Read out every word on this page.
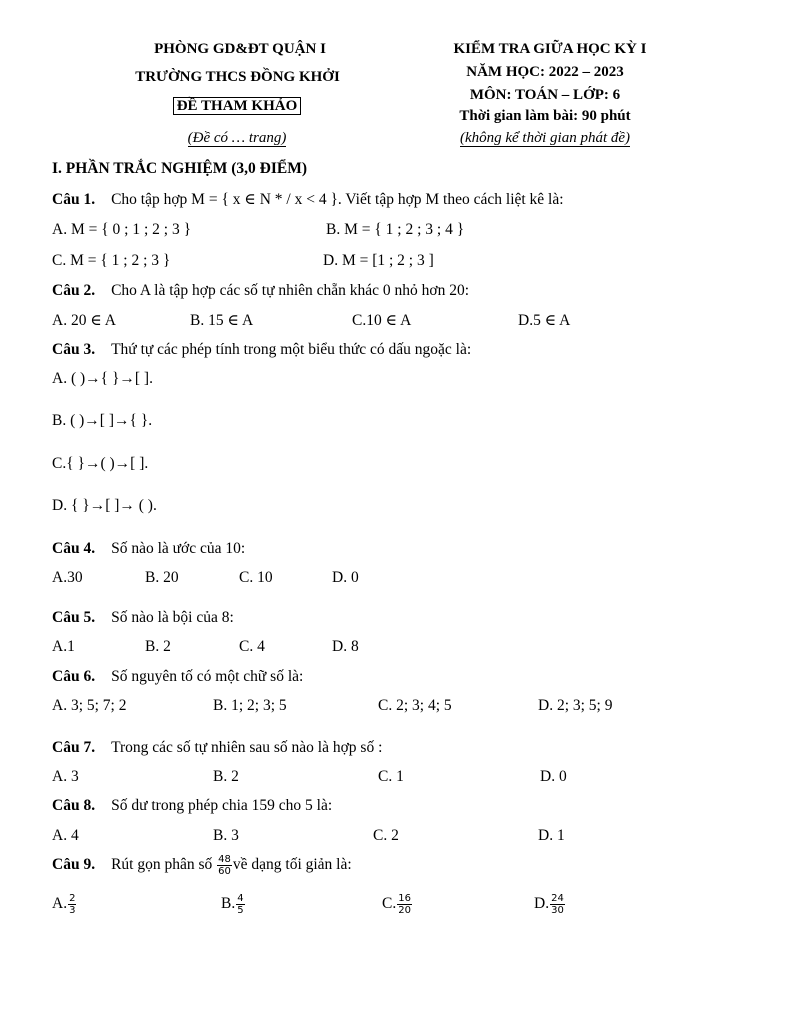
PHÒNG GD&ĐT QUẬN I
TRƯỜNG THCS ĐỒNG KHỞI
ĐỀ THAM KHẢO
(Đề có … trang)
KIỂM TRA GIỮA HỌC KỲ I
NĂM HỌC: 2022 – 2023
MÔN: TOÁN – LỚP: 6
Thời gian làm bài: 90 phút
(không kể thời gian phát đề)
I. PHẦN TRẮC NGHIỆM (3,0 ĐIỂM)
Câu 1. Cho tập hợp M = { x ∈ N * / x < 4 }. Viết tập hợp M theo cách liệt kê là:
A. M = { 0 ; 1 ; 2 ; 3 }	B. M = { 1 ; 2 ; 3 ; 4 }
C. M = { 1 ; 2 ; 3 }	D. M = [1 ; 2 ; 3 ]
Câu 2. Cho A là tập hợp các số tự nhiên chẵn khác 0 nhỏ hơn 20:
A. 20 ∈ A	B. 15 ∈ A	C.10 ∈ A	D.5 ∈ A
Câu 3. Thứ tự các phép tính trong một biểu thức có dấu ngoặc là:
A. ( )→{ }→[ ].
B. ( )→[ ]→{ }.
C.{ }→( )→[ ].
D. { }→[ ]→ ( ).
Câu 4. Số nào là ước của 10:
A.30	B. 20	C. 10	D. 0
Câu 5. Số nào là bội của 8:
A.1	B. 2	C. 4	D. 8
Câu 6. Số nguyên tố có một chữ số là:
A. 3; 5; 7; 2	B. 1; 2; 3; 5	C. 2; 3; 4; 5	D. 2; 3; 5; 9
Câu 7. Trong các số tự nhiên sau số nào là hợp số :
A. 3	B. 2	C. 1	D. 0
Câu 8. Số dư trong phép chia 159 cho 5 là:
A. 4	B. 3	C. 2	D. 1
Câu 9. Rút gọn phân số $\frac{48}{60}$ về dạng tối giản là:
A. $\frac{2}{3}$	B. $\frac{4}{5}$	C. $\frac{16}{20}$	D. $\frac{24}{30}$
